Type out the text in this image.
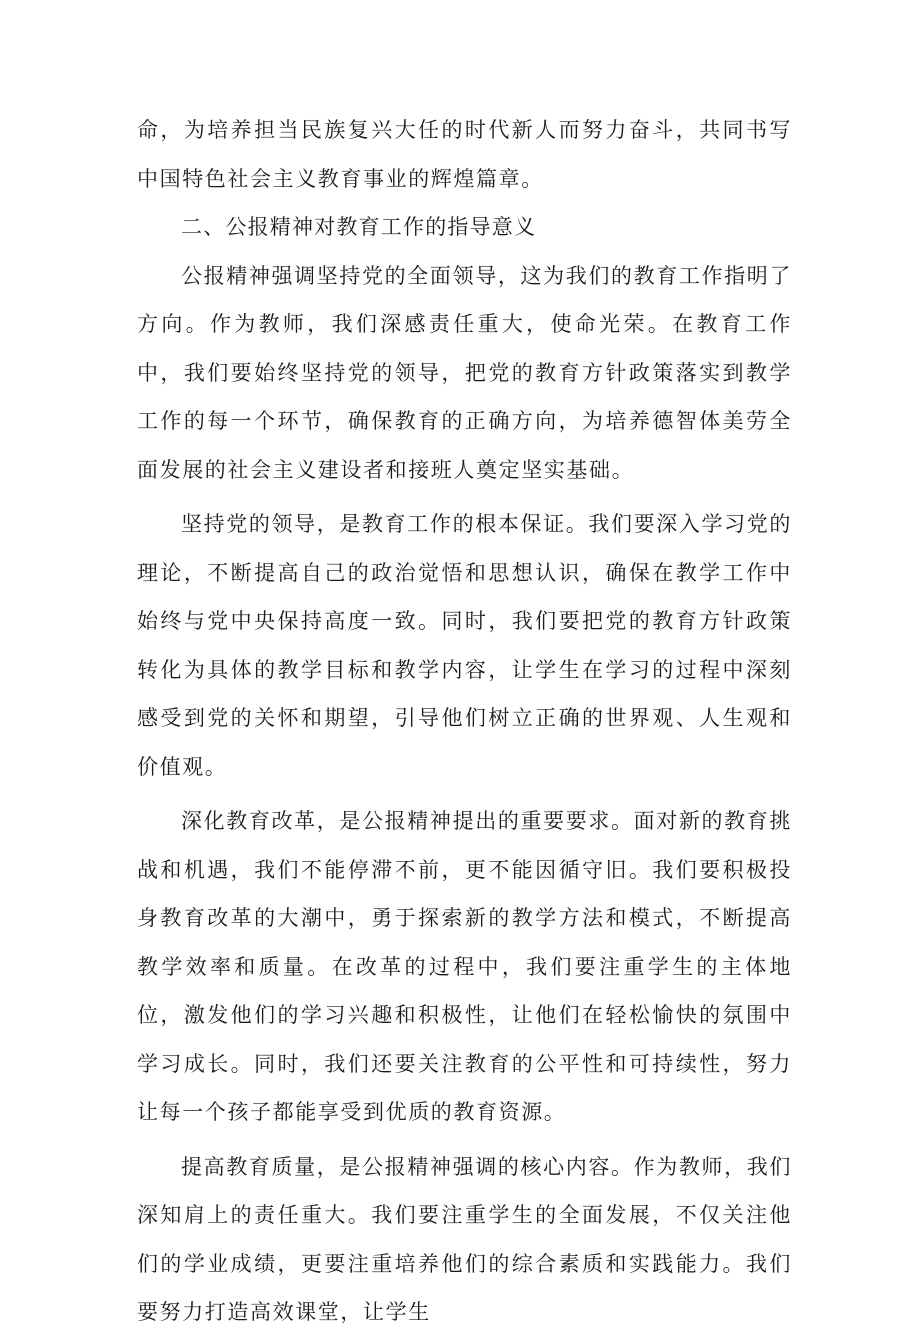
命，为培养担当民族复兴大任的时代新人而努力奋斗，共同书写中国特色社会主义教育事业的辉煌篇章。

二、公报精神对教育工作的指导意义

公报精神强调坚持党的全面领导，这为我们的教育工作指明了方向。作为教师，我们深感责任重大，使命光荣。在教育工作中，我们要始终坚持党的领导，把党的教育方针政策落实到教学工作的每一个环节，确保教育的正确方向，为培养德智体美劳全面发展的社会主义建设者和接班人奠定坚实基础。

坚持党的领导，是教育工作的根本保证。我们要深入学习党的理论，不断提高自己的政治觉悟和思想认识，确保在教学工作中始终与党中央保持高度一致。同时，我们要把党的教育方针政策转化为具体的教学目标和教学内容，让学生在学习的过程中深刻感受到党的关怀和期望，引导他们树立正确的世界观、人生观和价值观。

深化教育改革，是公报精神提出的重要要求。面对新的教育挑战和机遇，我们不能停滞不前，更不能因循守旧。我们要积极投身教育改革的大潮中，勇于探索新的教学方法和模式，不断提高教学效率和质量。在改革的过程中，我们要注重学生的主体地位，激发他们的学习兴趣和积极性，让他们在轻松愉快的氛围中学习成长。同时，我们还要关注教育的公平性和可持续性，努力让每一个孩子都能享受到优质的教育资源。

提高教育质量，是公报精神强调的核心内容。作为教师，我们深知肩上的责任重大。我们要注重学生的全面发展，不仅关注他们的学业成绩，更要注重培养他们的综合素质和实践能力。我们要努力打造高效课堂，让学生
